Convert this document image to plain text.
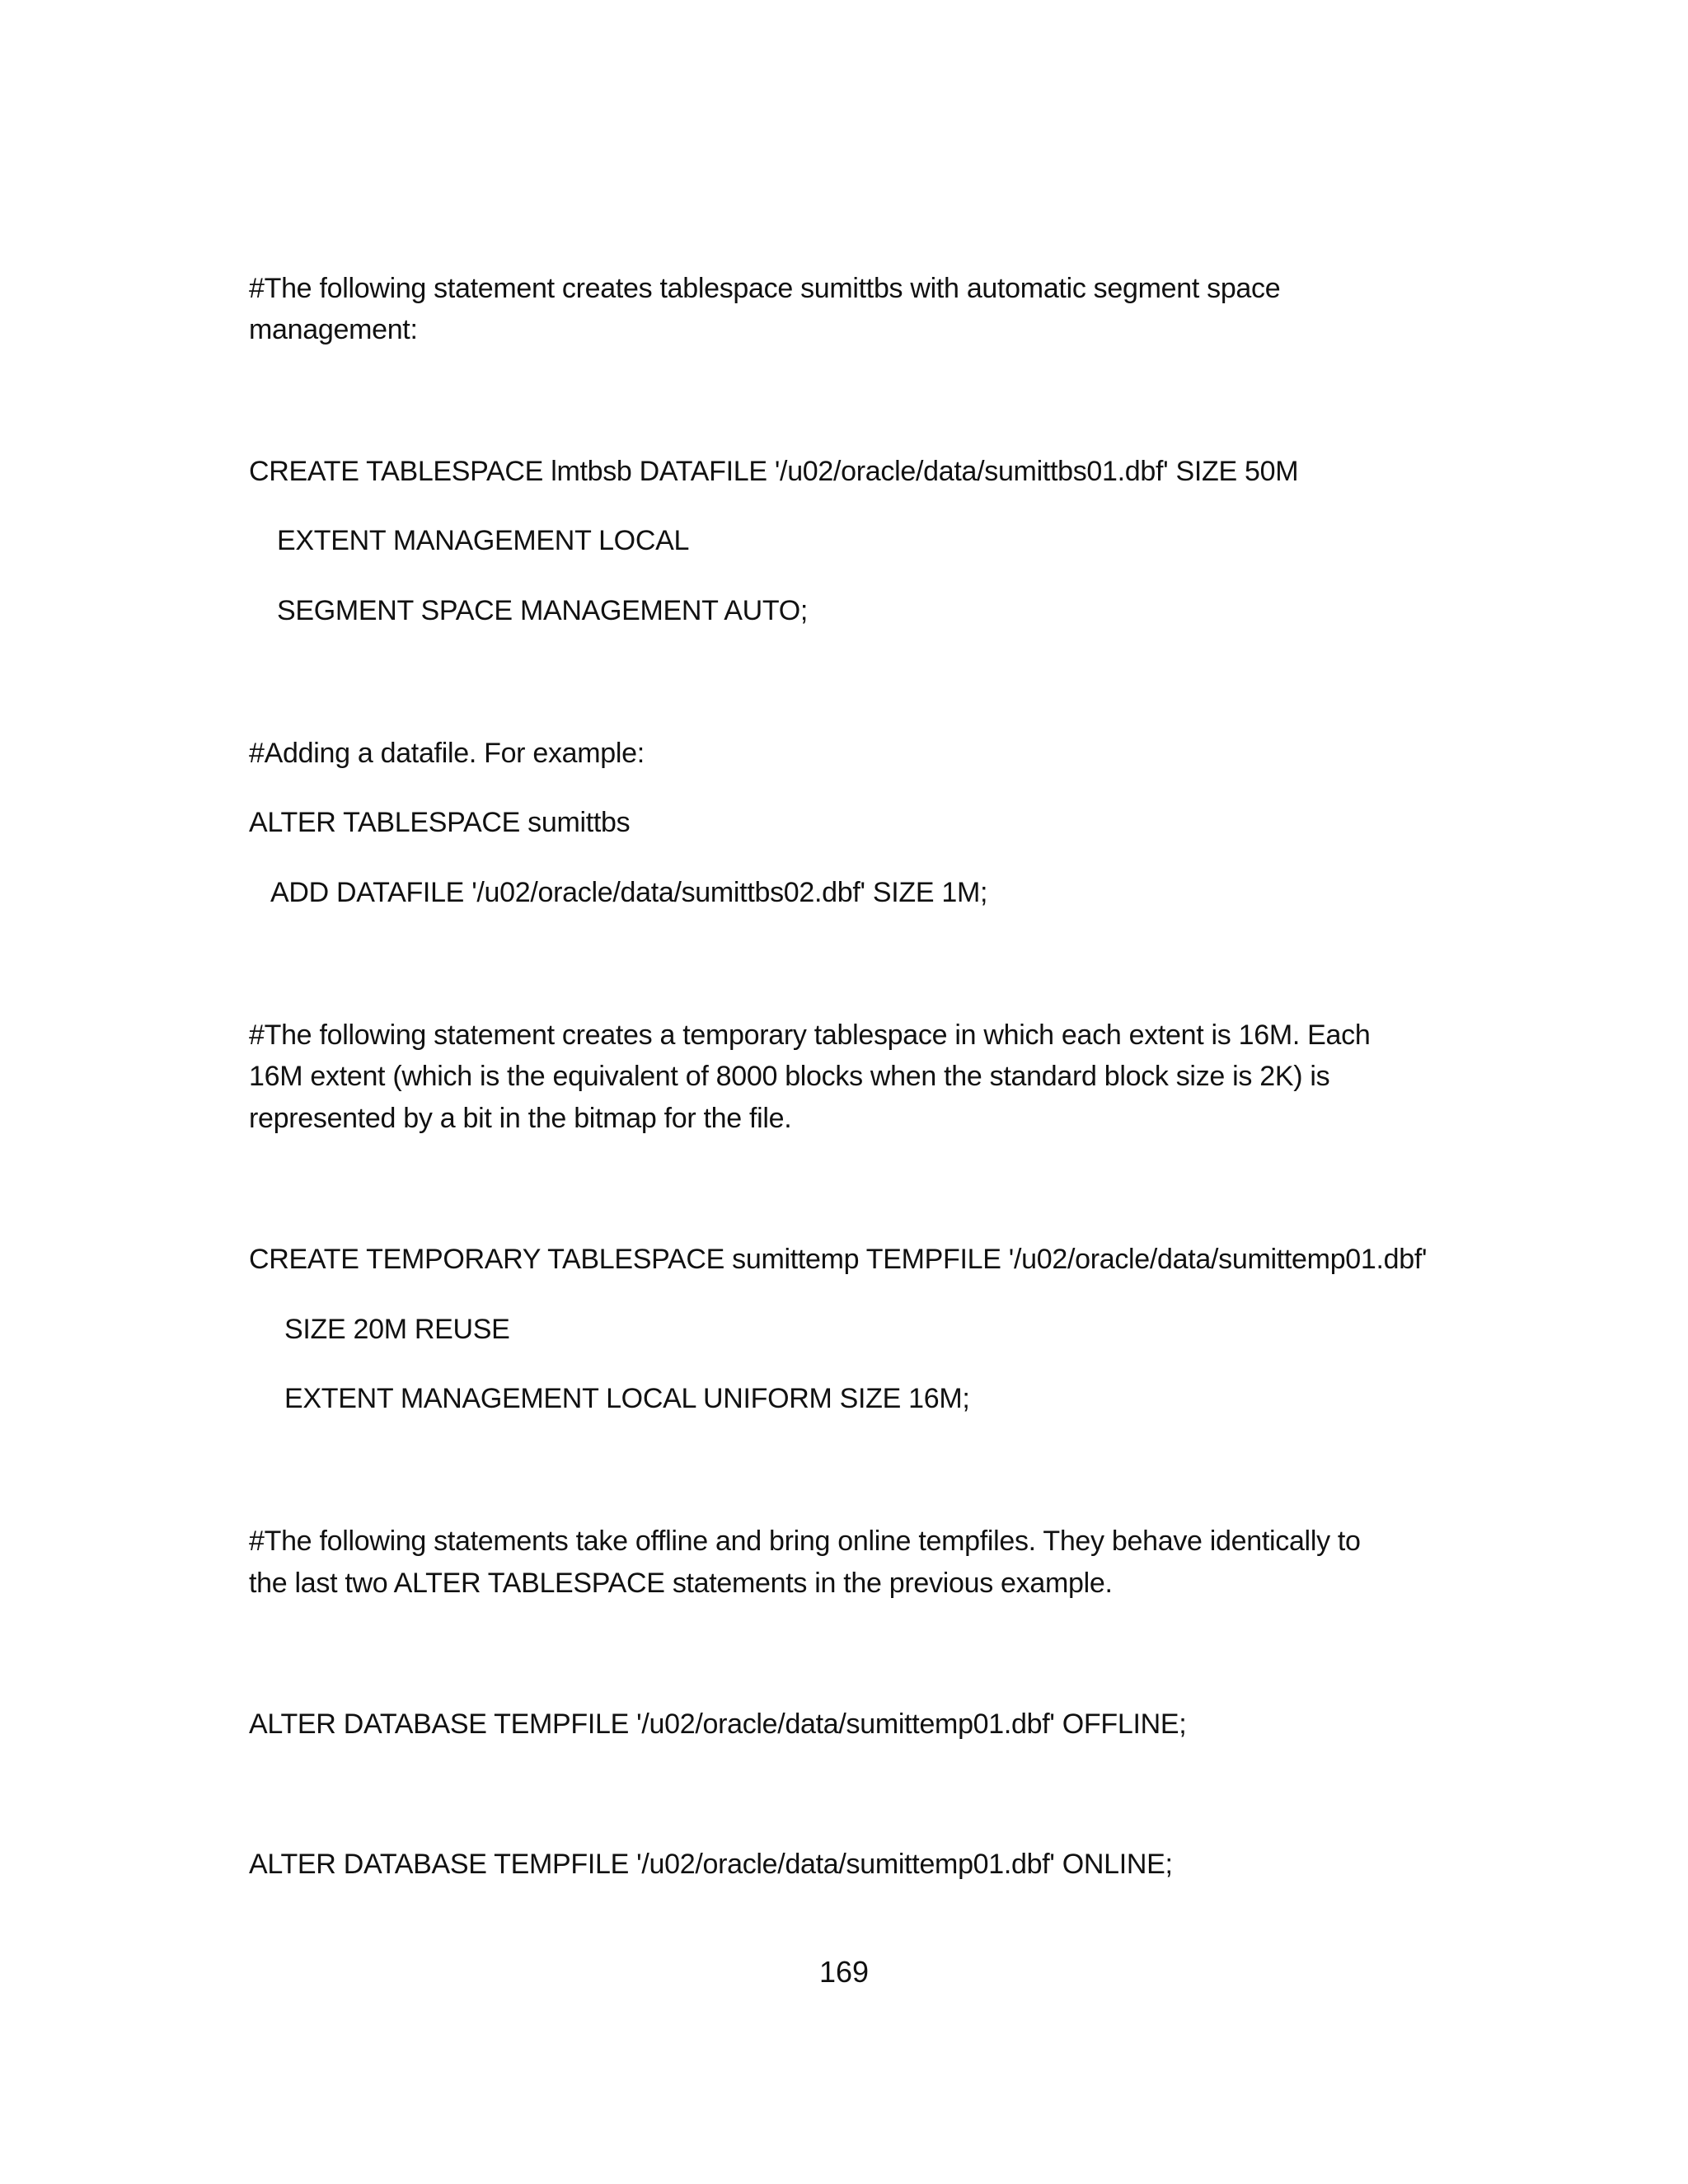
#The following statement creates tablespace sumittbs with automatic segment space
management:
CREATE TABLESPACE lmtbsb DATAFILE '/u02/oracle/data/sumittbs01.dbf' SIZE 50M
EXTENT MANAGEMENT LOCAL
SEGMENT SPACE MANAGEMENT AUTO;
#Adding a datafile. For example:
ALTER TABLESPACE sumittbs
ADD DATAFILE '/u02/oracle/data/sumittbs02.dbf' SIZE 1M;
#The following statement creates a temporary tablespace in which each extent is 16M. Each
16M extent (which is the equivalent of 8000 blocks when the standard block size is 2K) is
represented by a bit in the bitmap for the file.
CREATE TEMPORARY TABLESPACE sumittemp TEMPFILE '/u02/oracle/data/sumittemp01.dbf'
SIZE 20M REUSE
EXTENT MANAGEMENT LOCAL UNIFORM SIZE 16M;
#The following statements take offline and bring online tempfiles. They behave identically to
the last two ALTER TABLESPACE statements in the previous example.
ALTER DATABASE TEMPFILE '/u02/oracle/data/sumittemp01.dbf' OFFLINE;
ALTER DATABASE TEMPFILE '/u02/oracle/data/sumittemp01.dbf' ONLINE;
169
